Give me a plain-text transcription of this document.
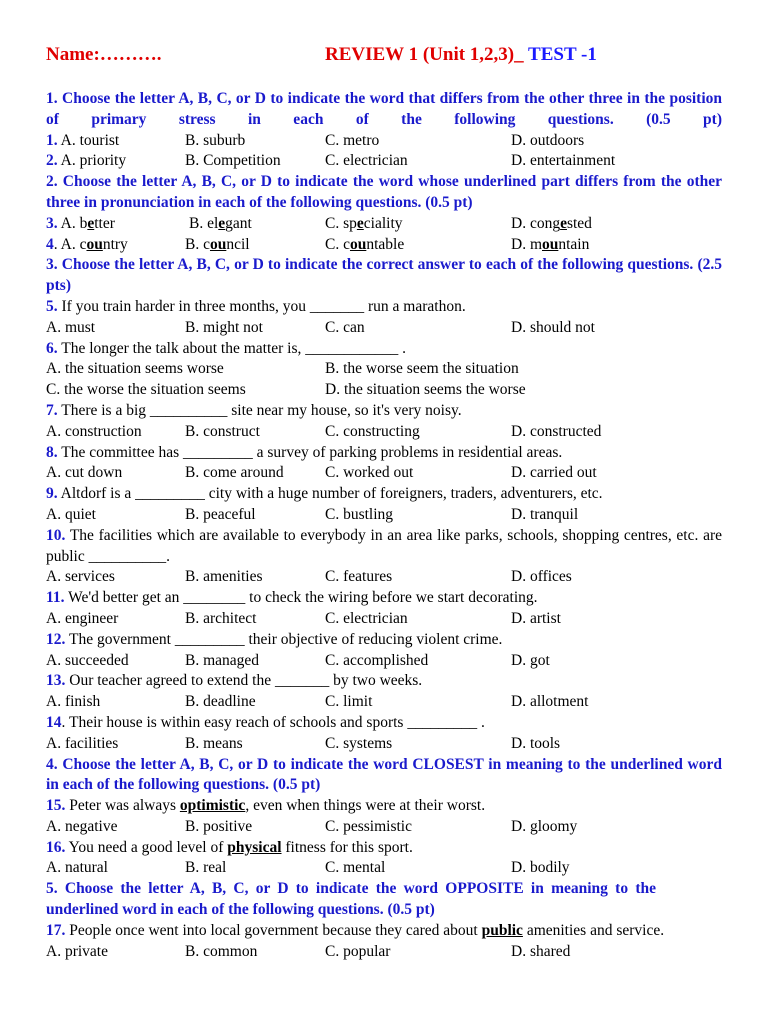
Name:……….	REVIEW 1 (Unit 1,2,3)_ TEST -1
1. Choose the letter A, B, C, or D to indicate the word that differs from the other three in the position of primary stress in each of the following questions. (0.5 pt)
1. A. tourist	B. suburb	C. metro	D. outdoors
2. A. priority	B. Competition	C. electrician	D. entertainment
2. Choose the letter A, B, C, or D to indicate the word whose underlined part differs from the other three in pronunciation in each of the following questions. (0.5 pt)
3. A. better	B. elegant	C. speciality	D. congested
4. A. country	B. council	C. countable	D. mountain
3. Choose the letter A, B, C, or D to indicate the correct answer to each of the following questions. (2.5 pts)
5. If you train harder in three months, you _______ run a marathon.
A. must	B. might not	C. can	D. should not
6. The longer the talk about the matter is, ____________ .
A. the situation seems worse	B. the worse seem the situation
C. the worse the situation seems	D. the situation seems the worse
7. There is a big __________ site near my house, so it's very noisy.
A. construction	B. construct	C. constructing	D. constructed
8. The committee has _________ a survey of parking problems in residential areas.
A. cut down	B. come around	C. worked out	D. carried out
9. Altdorf is a _________ city with a huge number of foreigners, traders, adventurers, etc.
A. quiet	B. peaceful	C. bustling	D. tranquil
10. The facilities which are available to everybody in an area like parks, schools, shopping centres, etc. are public __________.
A. services	B. amenities	C. features	D. offices
11. We'd better get an ________ to check the wiring before we start decorating.
A. engineer	B. architect	C. electrician	D. artist
12. The government _________ their objective of reducing violent crime.
A. succeeded	B. managed	C. accomplished	D. got
13. Our teacher agreed to extend the _______ by two weeks.
A. finish	B. deadline	C. limit	D. allotment
14. Their house is within easy reach of schools and sports _________ .
A. facilities	B. means	C. systems	D. tools
4. Choose the letter A, B, C, or D to indicate the word CLOSEST in meaning to the underlined word in each of the following questions. (0.5 pt)
15. Peter was always optimistic, even when things were at their worst.
A. negative	B. positive	C. pessimistic	D. gloomy
16. You need a good level of physical fitness for this sport.
A. natural	B. real	C. mental	D. bodily
5. Choose the letter A, B, C, or D to indicate the word OPPOSITE in meaning to the underlined word in each of the following questions. (0.5 pt)
17. People once went into local government because they cared about public amenities and service.
A. private	B. common	C. popular	D. shared
